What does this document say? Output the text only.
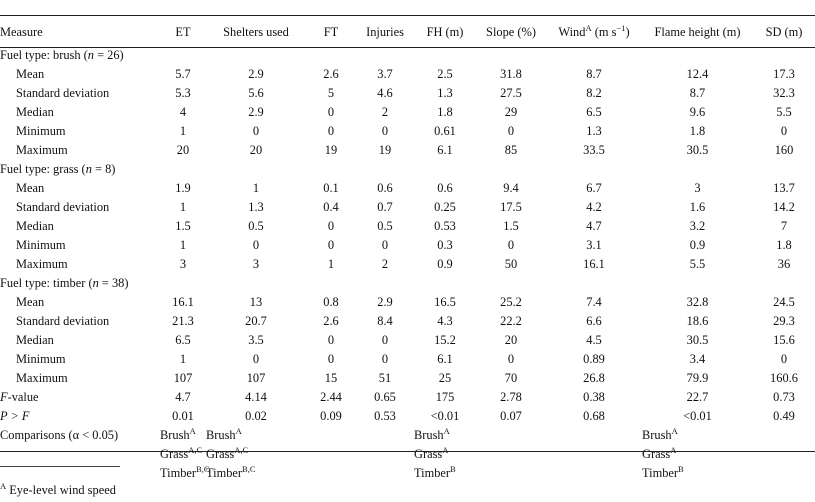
Measure	ET	Shelters used	FT	Injuries	FH (m)	Slope (%)	Wind$^A$ (m $s^{-1}$)	Flame height (m)	SD (m)
Fuel type: brush (n = 26)									
Mean	5.7	2.9	2.6	3.7	2.5	31.8	8.7	12.4	17.3
Standard deviation	5.3	5.6	5	4.6	1.3	27.5	8.2	8.7	32.3
Median	4	2.9	0	2	1.8	29	6.5	9.6	5.5
Minimum	1	0	0	0	0.61	0	1.3	1.8	0
Maximum	20	20	19	19	6.1	85	33.5	30.5	160
Fuel type: grass (n = 8)									
Mean	1.9	1	0.1	0.6	0.6	9.4	6.7	3	13.7
Standard deviation	1	1.3	0.4	0.7	0.25	17.5	4.2	1.6	14.2
Median	1.5	0.5	0	0.5	0.53	1.5	4.7	3.2	7
Minimum	1	0	0	0	0.3	0	3.1	0.9	1.8
Maximum	3	3	1	2	0.9	50	16.1	5.5	36
Fuel type: timber (n = 38)									
Mean	16.1	13	0.8	2.9	16.5	25.2	7.4	32.8	24.5
Standard deviation	21.3	20.7	2.6	8.4	4.3	22.2	6.6	18.6	29.3
Median	6.5	3.5	0	0	15.2	20	4.5	30.5	15.6
Minimum	1	0	0	0	6.1	0	0.89	3.4	0
Maximum	107	107	15	51	25	70	26.8	79.9	160.6
F-value	4.7	4.14	2.44	0.65	175	2.78	0.38	22.7	0.73
P > F	0.01	0.02	0.09	0.53	<0.01	0.07	0.68	<0.01	0.49
Comparisons (α < 0.05)	Brush$^A$	Brush$^A$			Brush$^A$			Brush$^A$	
	Grass$^{A,C}$	Grass$^{A,C}$			Grass$^A$			Grass$^A$	
	Timber$^{B,C}$	Timber$^{B,C}$			Timber$^B$			Timber$^B$	
$^A$ Eye-level wind speed
